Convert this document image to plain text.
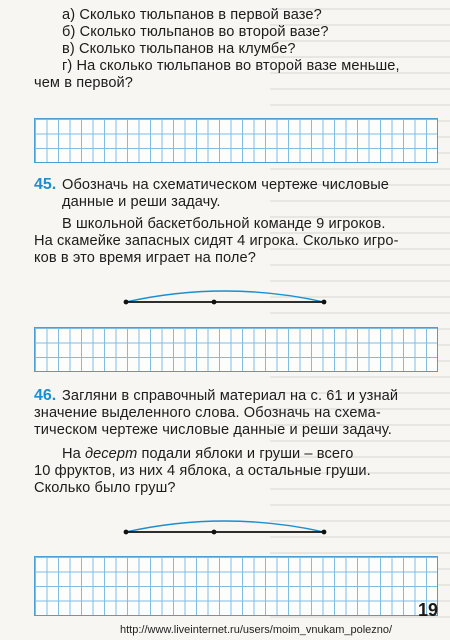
а) Сколько тюльпанов в первой вазе?
б) Сколько тюльпанов во второй вазе?
в) Сколько тюльпанов на клумбе?
г) На сколько тюльпанов во второй вазе меньше,
чем в первой?
45. Обозначь на схематическом чертеже числовые
данные и реши задачу.
В школьной баскетбольной команде 9 игроков.
На скамейке запасных сидят 4 игрока. Сколько игро-
ков в это время играет на поле?
46. Загляни в справочный материал на с. 61 и узнай
значение выделенного слова. Обозначь на схема-
тическом чертеже числовые данные и реши задачу.
На десерт подали яблоки и груши – всего
10 фруктов, из них 4 яблока, а остальные груши.
Сколько было груш?
19
http://www.liveinternet.ru/users/moim_vnukam_polezno/
